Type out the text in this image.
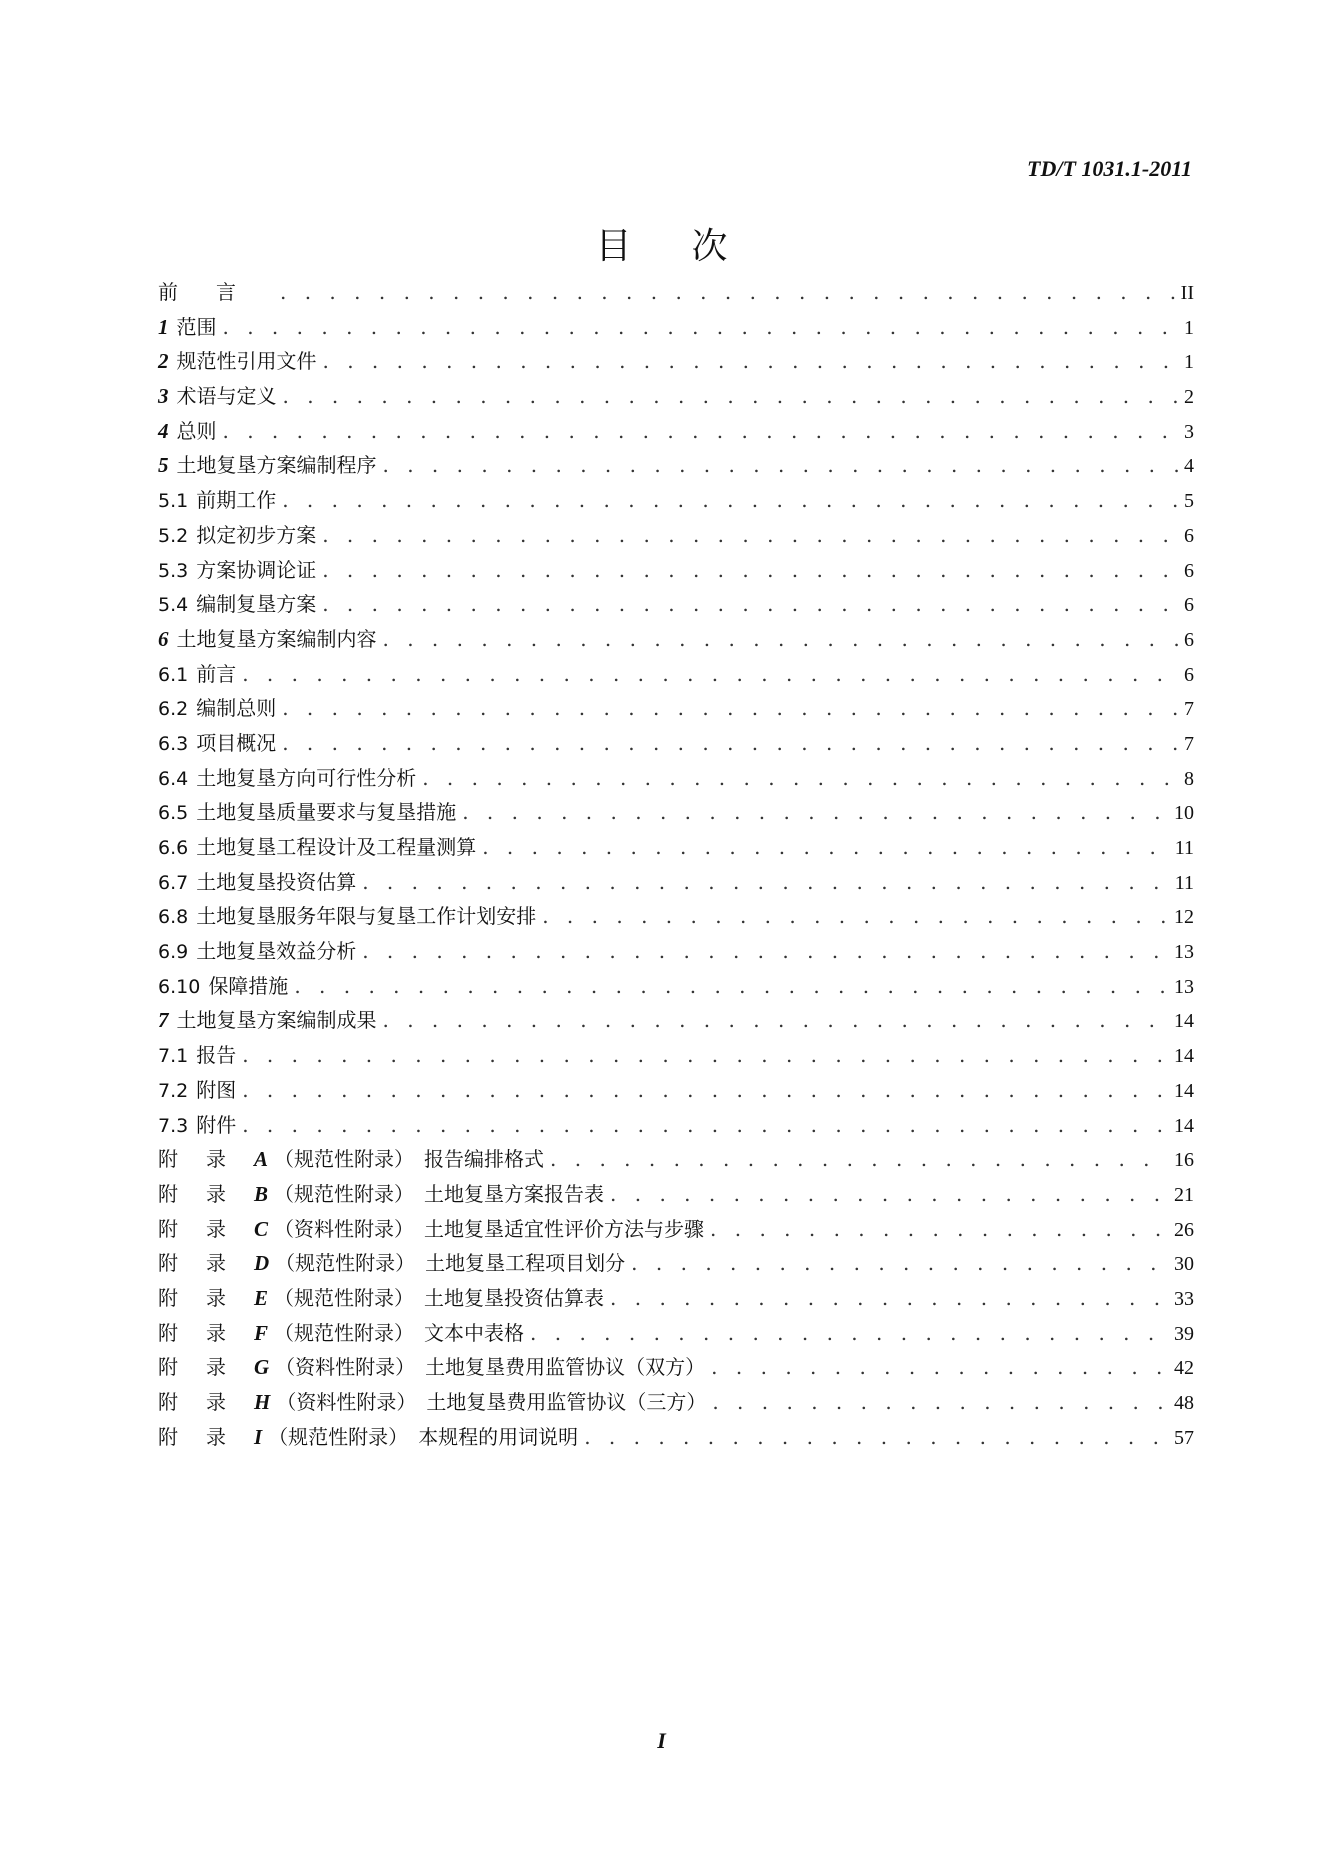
TD/T 1031.1-2011
目次
前言 . . .	II
1 范围 . . .	1
2 规范性引用文件 . . .	1
3 术语与定义 . . .	2
4 总则 . . .	3
5 土地复垦方案编制程序 . . .	4
5.1 前期工作 . . .	5
5.2 拟定初步方案 . . .	6
5.3 方案协调论证 . . .	6
5.4 编制复垦方案 . . .	6
6 土地复垦方案编制内容 . . .	6
6.1 前言 . . .	6
6.2 编制总则 . . .	7
6.3 项目概况 . . .	7
6.4 土地复垦方向可行性分析 . . .	8
6.5 土地复垦质量要求与复垦措施 . . .	10
6.6 土地复垦工程设计及工程量测算 . . .	11
6.7 土地复垦投资估算 . . .	11
6.8 土地复垦服务年限与复垦工作计划安排 . . .	12
6.9 土地复垦效益分析 . . .	13
6.10 保障措施 . . .	13
7 土地复垦方案编制成果 . . .	14
7.1 报告 . . .	14
7.2 附图 . . .	14
7.3 附件 . . .	14
附录A （规范性附录） 报告编排格式 . . .	16
附录B （规范性附录） 土地复垦方案报告表 . . .	21
附录C （资料性附录） 土地复垦适宜性评价方法与步骤 . . .	26
附录D （规范性附录） 土地复垦工程项目划分 . . .	30
附录E （规范性附录） 土地复垦投资估算表 . . .	33
附录F （规范性附录） 文本中表格 . . .	39
附录G （资料性附录） 土地复垦费用监管协议（双方） . . .	42
附录H （资料性附录） 土地复垦费用监管协议（三方） . . .	48
附录I （规范性附录） 本规程的用词说明 . . .	57
I
